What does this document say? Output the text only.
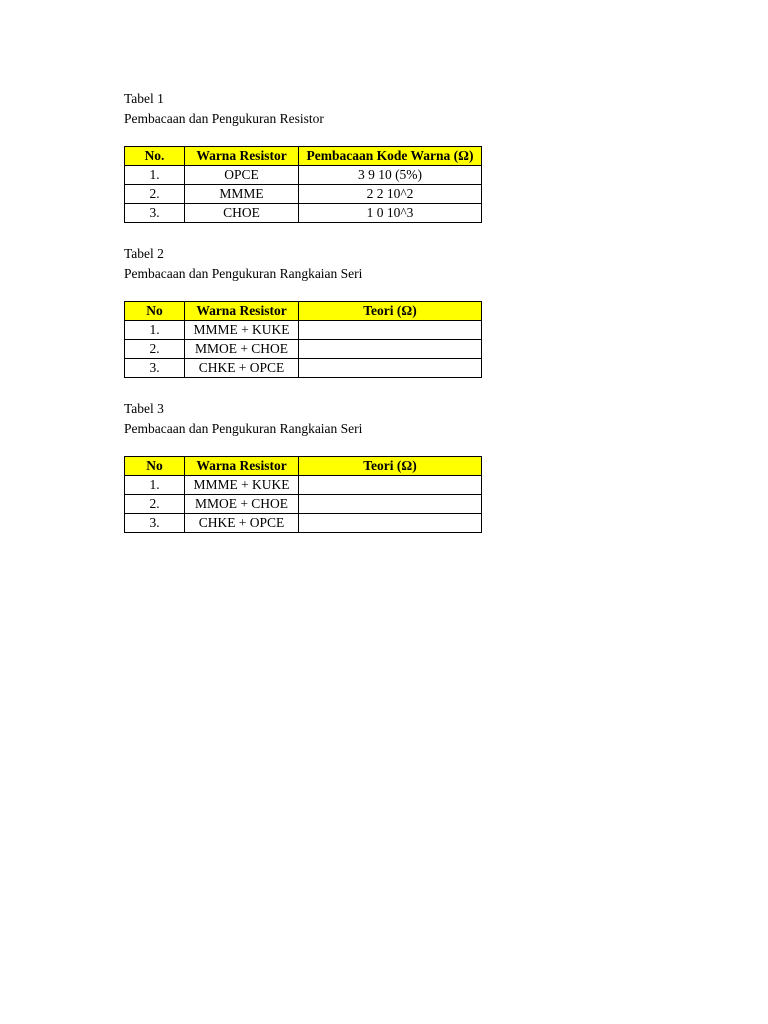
Tabel 1
Pembacaan dan Pengukuran Resistor
No.	Warna Resistor	Pembacaan Kode Warna (Ω)
1.	OPCE	3 9 10 (5%)
2.	MMME	2 2 10^2
3.	CHOE	1 0 10^3
Tabel 2
Pembacaan dan Pengukuran Rangkaian Seri
No	Warna Resistor	Teori (Ω)
1.	MMME + KUKE	
2.	MMOE + CHOE	
3.	CHKE + OPCE	
Tabel 3
Pembacaan dan Pengukuran Rangkaian Seri
No	Warna Resistor	Teori (Ω)
1.	MMME + KUKE	
2.	MMOE + CHOE	
3.	CHKE + OPCE	
